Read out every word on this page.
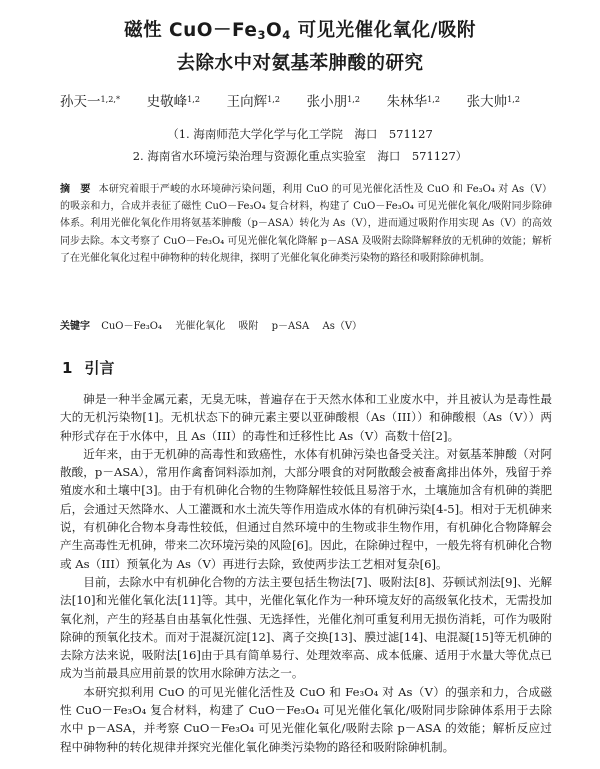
磁性 $CuO-Fe_3O_4$ 可见光催化氧化/吸附
去除水中对氨基苯胂酸的研究
孙天一$^{1,2,*}$ 史敬峰$^{1,2}$ 王向辉$^{1,2}$ 张小朋$^{1,2}$ 朱林华$^{1,2}$ 张大帅$^{1,2}$
（1. 海南师范大学化学与化工学院　海口　571127
2. 海南省水环境污染治理与资源化重点实验室　海口　571127）
摘　要 本研究着眼于严峻的水环境砷污染问题，利用 CuO 的可见光催化活性及 CuO 和 Fe₃O₄ 对 As（V）的吸亲和力，合成并表征了磁性 CuO－Fe₃O₄ 复合材料，构建了 CuO－Fe₃O₄ 可见光催化氧化/吸附同步除砷体系。利用光催化氧化作用将氨基苯胂酸（p－ASA）转化为 As（V），进而通过吸附作用实现 As（V）的高效同步去除。本文考察了 CuO－Fe₃O₄ 可见光催化氧化降解 p－ASA 及吸附去除降解释放的无机砷的效能；解析了在光催化氧化过程中砷物种的转化规律，探明了光催化氧化砷类污染物的路径和吸附除砷机制。
关键字 CuO－Fe₃O₄ 光催化氧化 吸附 p－ASA As（V）
1 引言

砷是一种半金属元素，无臭无味，普遍存在于天然水体和工业废水中，并且被认为是毒性最大的无机污染物[1]。无机状态下的砷元素主要以亚砷酸根（As（III））和砷酸根（As（V））两种形式存在于水体中，且 As（III）的毒性和迁移性比 As（V）高数十倍[2]。

近年来，由于无机砷的高毒性和致癌性，水体有机砷污染也备受关注。对氨基苯胂酸（对阿散酸，p－ASA），常用作禽畜饲料添加剂，大部分喂食的对阿散酸会被畜禽排出体外，残留于养殖废水和土壤中[3]。由于有机砷化合物的生物降解性较低且易溶于水，土壤施加含有机砷的粪肥后，会通过天然降水、人工灌溉和水土流失等作用造成水体的有机砷污染[4-5]。相对于无机砷来说，有机砷化合物本身毒性较低，但通过自然环境中的生物或非生物作用，有机砷化合物降解会产生高毒性无机砷，带来二次环境污染的风险[6]。因此，在除砷过程中，一般先将有机砷化合物或 As（III）预氧化为 As（V）再进行去除，致使两步法工艺相对复杂[6]。

目前，去除水中有机砷化合物的方法主要包括生物法[7]、吸附法[8]、芬顿试剂法[9]、光解法[10]和光催化氧化法[11]等。其中，光催化氧化作为一种环境友好的高级氧化技术，无需投加氧化剂，产生的羟基自由基氧化性强、无选择性，光催化剂可重复利用无损伤消耗，可作为吸附除砷的预氧化技术。而对于混凝沉淀[12]、离子交换[13]、膜过滤[14]、电混凝[15]等无机砷的去除方法来说，吸附法[16]由于具有简单易行、处理效率高、成本低廉、适用于水量大等优点已成为当前最具应用前景的饮用水除砷方法之一。

本研究拟利用 CuO 的可见光催化活性及 CuO 和 Fe₃O₄ 对 As（V）的强亲和力，合成磁性 CuO－Fe₃O₄ 复合材料，构建了 CuO－Fe₃O₄ 可见光催化氧化/吸附同步除砷体系用于去除水中 p－ASA，并考察 CuO－Fe₃O₄ 可见光催化氧化/吸附去除 p－ASA 的效能；解析反应过程中砷物种的转化规律并探究光催化氧化砷类污染物的路径和吸附除砷机制。
